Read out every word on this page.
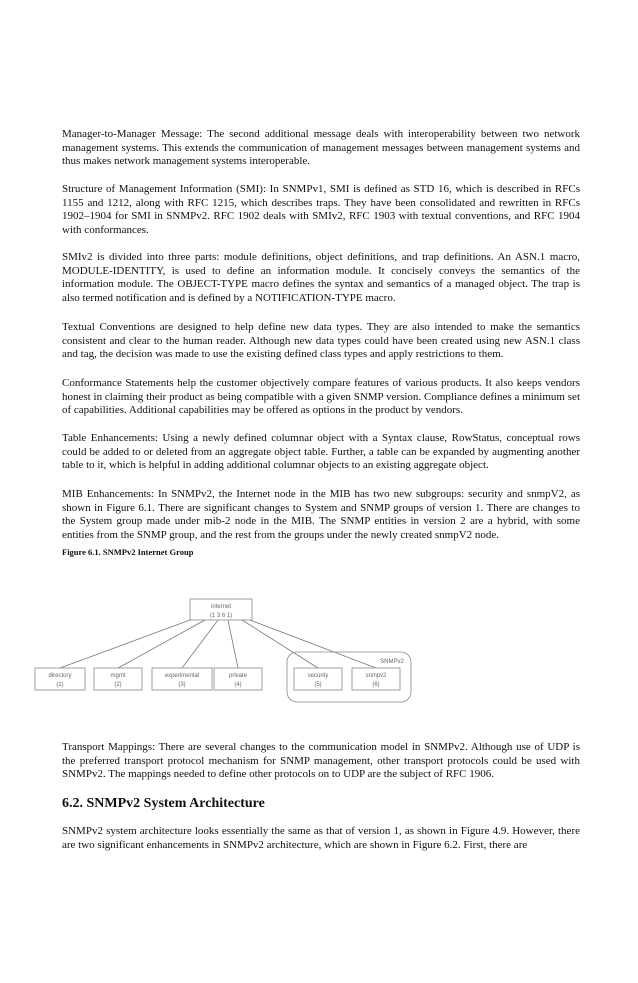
Manager-to-Manager Message: The second additional message deals with interoperability between two network management systems. This extends the communication of management messages between management systems and thus makes network management systems interoperable.

Structure of Management Information (SMI): In SNMPv1, SMI is defined as STD 16, which is described in RFCs 1155 and 1212, along with RFC 1215, which describes traps. They have been consolidated and rewritten in RFCs 1902–1904 for SMI in SNMPv2. RFC 1902 deals with SMIv2, RFC 1903 with textual conventions, and RFC 1904 with conformances.

SMIv2 is divided into three parts: module definitions, object definitions, and trap definitions. An ASN.1 macro, MODULE-IDENTITY, is used to define an information module. It concisely conveys the semantics of the information module. The OBJECT-TYPE macro defines the syntax and semantics of a managed object. The trap is also termed notification and is defined by a NOTIFICATION-TYPE macro.

Textual Conventions are designed to help define new data types. They are also intended to make the semantics consistent and clear to the human reader. Although new data types could have been created using new ASN.1 class and tag, the decision was made to use the existing defined class types and apply restrictions to them.

Conformance Statements help the customer objectively compare features of various products. It also keeps vendors honest in claiming their product as being compatible with a given SNMP version. Compliance defines a minimum set of capabilities. Additional capabilities may be offered as options in the product by vendors.

Table Enhancements: Using a newly defined columnar object with a Syntax clause, RowStatus, conceptual rows could be added to or deleted from an aggregate object table. Further, a table can be expanded by augmenting another table to it, which is helpful in adding additional columnar objects to an existing aggregate object.

MIB Enhancements: In SNMPv2, the Internet node in the MIB has two new subgroups: security and snmpV2, as shown in Figure 6.1. There are significant changes to System and SNMP groups of version 1. There are changes to the System group made under mib-2 node in the MIB. The SNMP entities in version 2 are a hybrid, with some entities from the SNMP group, and the rest from the groups under the newly created snmpV2 node.

Figure 6.1. SNMPv2 Internet Group

SNMPv2
internet
(1 3 6 1)
directory
(1)
mgmt
(2)
experimental
(3)
private
(4)
security
(5)
snmpv2
(6)

Transport Mappings: There are several changes to the communication model in SNMPv2. Although use of UDP is the preferred transport protocol mechanism for SNMP management, other transport protocols could be used with SNMPv2. The mappings needed to define other protocols on to UDP are the subject of RFC 1906.

6.2. SNMPv2 System Architecture

SNMPv2 system architecture looks essentially the same as that of version 1, as shown in Figure 4.9. However, there are two significant enhancements in SNMPv2 architecture, which are shown in Figure 6.2. First, there are
